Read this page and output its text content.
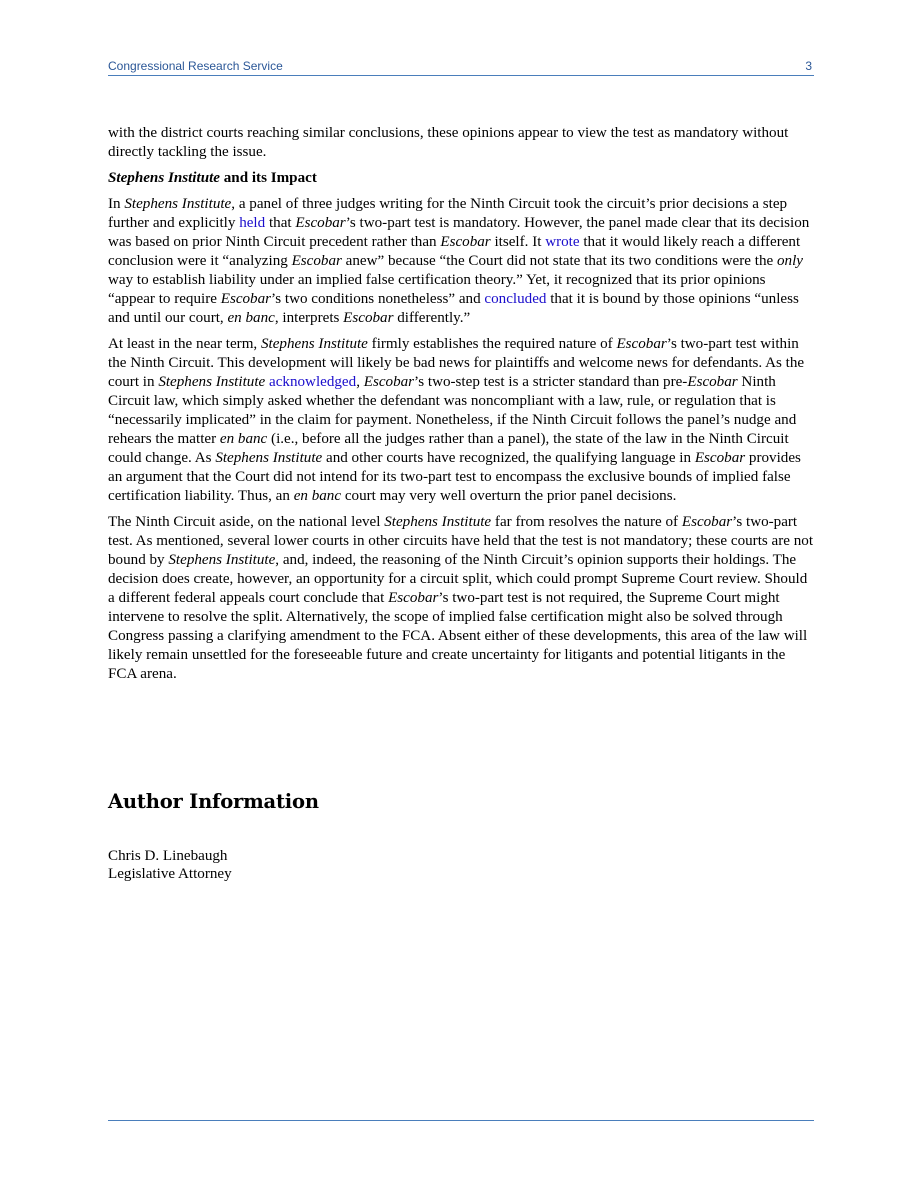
Congressional Research Service	3

with the district courts reaching similar conclusions, these opinions appear to view the test as mandatory without directly tackling the issue.

Stephens Institute and its Impact

In Stephens Institute, a panel of three judges writing for the Ninth Circuit took the circuit’s prior decisions a step further and explicitly held that Escobar’s two-part test is mandatory. However, the panel made clear that its decision was based on prior Ninth Circuit precedent rather than Escobar itself. It wrote that it would likely reach a different conclusion were it “analyzing Escobar anew” because “the Court did not state that its two conditions were the only way to establish liability under an implied false certification theory.” Yet, it recognized that its prior opinions “appear to require Escobar’s two conditions nonetheless” and concluded that it is bound by those opinions “unless and until our court, en banc, interprets Escobar differently.”

At least in the near term, Stephens Institute firmly establishes the required nature of Escobar’s two-part test within the Ninth Circuit. This development will likely be bad news for plaintiffs and welcome news for defendants. As the court in Stephens Institute acknowledged, Escobar’s two-step test is a stricter standard than pre-Escobar Ninth Circuit law, which simply asked whether the defendant was noncompliant with a law, rule, or regulation that is “necessarily implicated” in the claim for payment. Nonetheless, if the Ninth Circuit follows the panel’s nudge and rehears the matter en banc (i.e., before all the judges rather than a panel), the state of the law in the Ninth Circuit could change. As Stephens Institute and other courts have recognized, the qualifying language in Escobar provides an argument that the Court did not intend for its two-part test to encompass the exclusive bounds of implied false certification liability. Thus, an en banc court may very well overturn the prior panel decisions.

The Ninth Circuit aside, on the national level Stephens Institute far from resolves the nature of Escobar’s two-part test. As mentioned, several lower courts in other circuits have held that the test is not mandatory; these courts are not bound by Stephens Institute, and, indeed, the reasoning of the Ninth Circuit’s opinion supports their holdings. The decision does create, however, an opportunity for a circuit split, which could prompt Supreme Court review. Should a different federal appeals court conclude that Escobar’s two-part test is not required, the Supreme Court might intervene to resolve the split. Alternatively, the scope of implied false certification might also be solved through Congress passing a clarifying amendment to the FCA. Absent either of these developments, this area of the law will likely remain unsettled for the foreseeable future and create uncertainty for litigants and potential litigants in the FCA arena.

Author Information
Chris D. Linebaugh
Legislative Attorney
